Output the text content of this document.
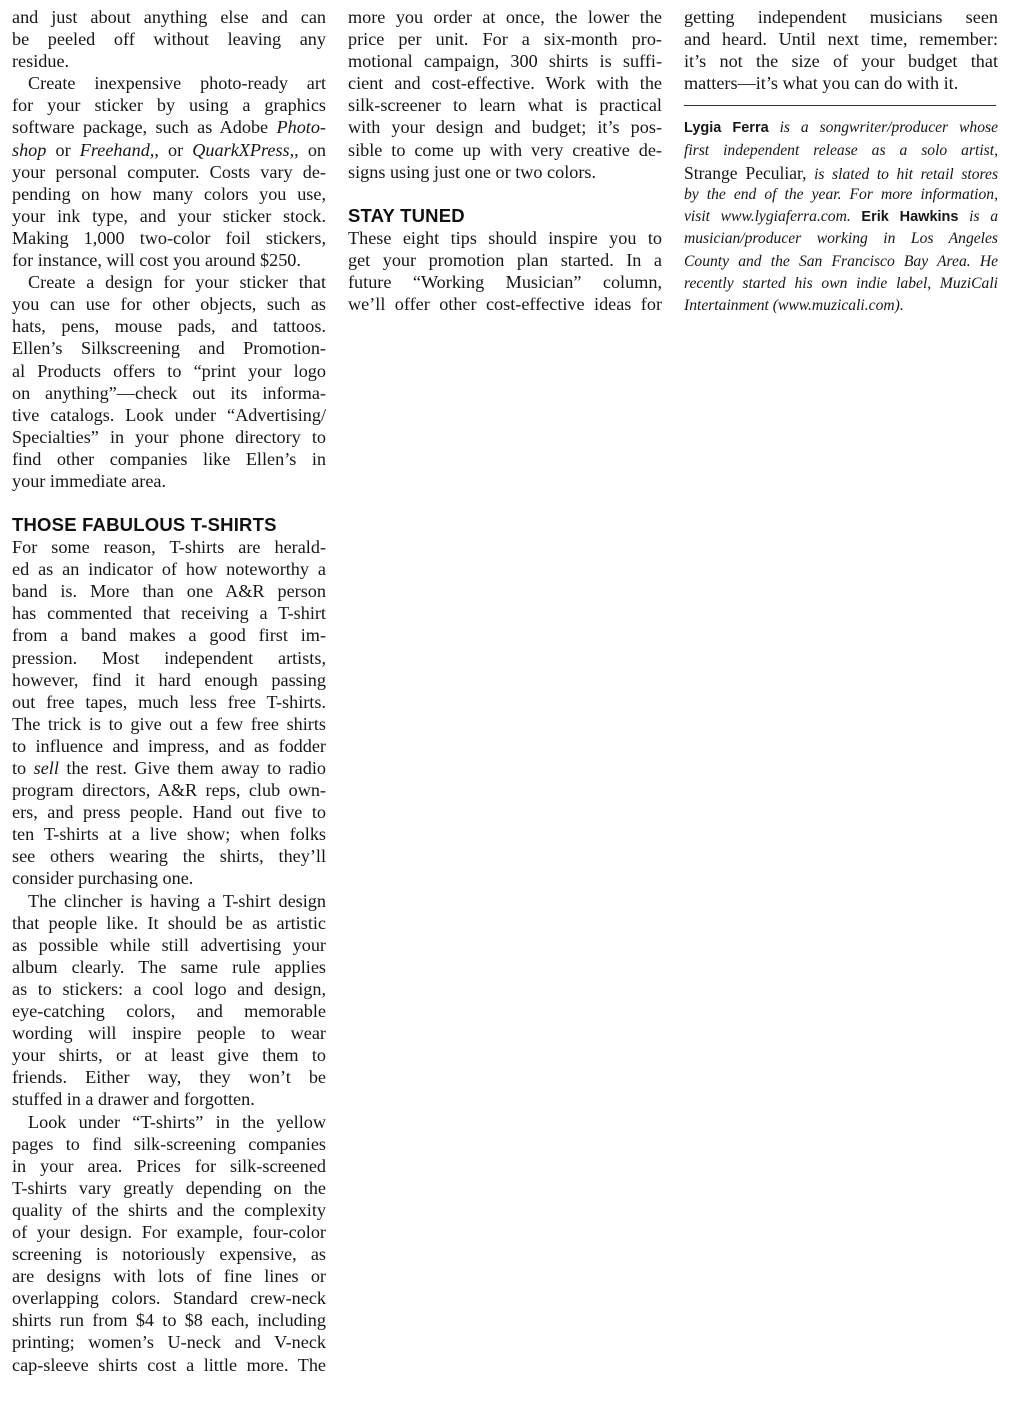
and just about anything else and can
be peeled off without leaving any
residue.
Create inexpensive photo-ready art
for your sticker by using a graphics
software package, such as Adobe Photo-
shop or Freehand,, or QuarkXPress,, on
your personal computer. Costs vary de-
pending on how many colors you use,
your ink type, and your sticker stock.
Making 1,000 two-color foil stickers,
for instance, will cost you around $250.
Create a design for your sticker that
you can use for other objects, such as
hats, pens, mouse pads, and tattoos.
Ellen’s Silkscreening and Promotion-
al Products offers to “print your logo
on anything”—check out its informa-
tive catalogs. Look under “Advertising/
Specialties” in your phone directory to
find other companies like Ellen’s in
your immediate area.
THOSE FABULOUS T-SHIRTS
For some reason, T-shirts are herald-
ed as an indicator of how noteworthy a
band is. More than one A&R person
has commented that receiving a T-shirt
from a band makes a good first im-
pression. Most independent artists,
however, find it hard enough passing
out free tapes, much less free T-shirts.
The trick is to give out a few free shirts
to influence and impress, and as fodder
to sell the rest. Give them away to radio
program directors, A&R reps, club own-
ers, and press people. Hand out five to
ten T-shirts at a live show; when folks
see others wearing the shirts, they’ll
consider purchasing one.
The clincher is having a T-shirt design
that people like. It should be as artistic
as possible while still advertising your
album clearly. The same rule applies
as to stickers: a cool logo and design,
eye-catching colors, and memorable
wording will inspire people to wear
your shirts, or at least give them to
friends. Either way, they won’t be
stuffed in a drawer and forgotten.
Look under “T-shirts” in the yellow
pages to find silk-screening companies
in your area. Prices for silk-screened
T-shirts vary greatly depending on the
quality of the shirts and the complexity
of your design. For example, four-color
screening is notoriously expensive, as
are designs with lots of fine lines or
overlapping colors. Standard crew-neck
shirts run from $4 to $8 each, including
printing; women’s U-neck and V-neck
cap-sleeve shirts cost a little more. The
more you order at once, the lower the
price per unit. For a six-month pro-
motional campaign, 300 shirts is suffi-
cient and cost-effective. Work with the
silk-screener to learn what is practical
with your design and budget; it’s pos-
sible to come up with very creative de-
signs using just one or two colors.
STAY TUNED
These eight tips should inspire you to
get your promotion plan started. In a
future “Working Musician” column,
we’ll offer other cost-effective ideas for
getting independent musicians seen
and heard. Until next time, remember:
it’s not the size of your budget that
matters—it’s what you can do with it.
Lygia Ferra is a songwriter/producer whose
first independent release as a solo artist,
Strange Peculiar, is slated to hit retail stores
by the end of the year. For more information,
visit www.lygiaferra.com. Erik Hawkins is a
musician/producer working in Los Angeles
County and the San Francisco Bay Area. He
recently started his own indie label, MuziCali
Intertainment (www.muzicali.com).
